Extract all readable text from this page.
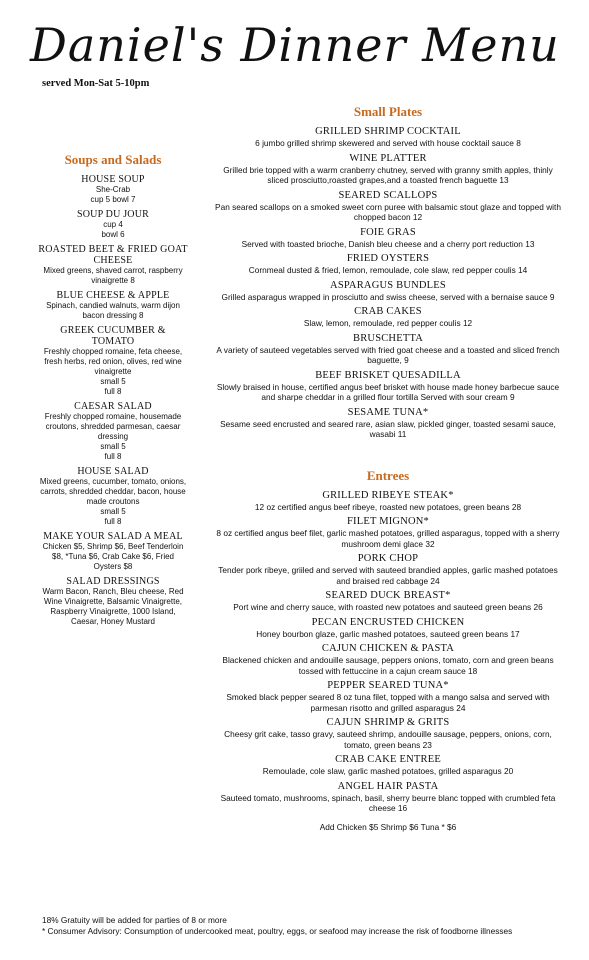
Daniel's Dinner Menu
served Mon-Sat 5-10pm
Soups and Salads
HOUSE SOUP
She-Crab
cup 5 bowl 7
SOUP DU JOUR
cup 4
bowl 6
ROASTED BEET & FRIED GOAT CHEESE
Mixed greens, shaved carrot, raspberry vinaigrette 8
BLUE CHEESE & APPLE
Spinach, candied walnuts, warm dijon bacon dressing 8
GREEK CUCUMBER & TOMATO
Freshly chopped romaine, feta cheese, fresh herbs, red onion, olives, red wine vinaigrette
small 5
full 8
CAESAR SALAD
Freshly chopped romaine, housemade croutons, shredded parmesan, caesar dressing
small 5
full 8
HOUSE SALAD
Mixed greens, cucumber, tomato, onions, carrots, shredded cheddar, bacon, house made croutons
small 5
full 8
MAKE YOUR SALAD A MEAL
Chicken $5, Shrimp $6, Beef Tenderloin $8, *Tuna $6, Crab Cake $6, Fried Oysters $8
SALAD DRESSINGS
Warm Bacon, Ranch, Bleu cheese, Red Wine Vinaigrette, Balsamic Vinaigrette, Raspberry Vinaigrette, 1000 Island, Caesar, Honey Mustard
Small Plates
GRILLED SHRIMP COCKTAIL
6 jumbo grilled shrimp skewered and served with house cocktail sauce 8
WINE PLATTER
Grilled brie topped with a warm cranberry chutney, served with granny smith apples, thinly sliced prosciutto,roasted grapes,and a toasted french baguette 13
SEARED SCALLOPS
Pan seared scallops on a smoked sweet corn puree with balsamic stout glaze and topped with chopped bacon 12
FOIE GRAS
Served with toasted brioche, Danish bleu cheese and a cherry port reduction 13
FRIED OYSTERS
Cornmeal dusted & fried, lemon, remoulade, cole slaw, red pepper coulis 14
ASPARAGUS BUNDLES
Grilled asparagus wrapped in prosciutto and swiss cheese, served with a bernaise sauce 9
CRAB CAKES
Slaw, lemon, remoulade, red pepper coulis 12
BRUSCHETTA
A variety of sauteed vegetables served with fried goat cheese and a toasted and sliced french baguette, 9
BEEF BRISKET QUESADILLA
Slowly braised in house, certified angus beef brisket with house made honey barbecue sauce and sharpe cheddar in a grilled flour tortilla Served with sour cream 9
SESAME TUNA*
Sesame seed encrusted and seared rare, asian slaw, pickled ginger, toasted sesami sauce, wasabi 11
Entrees
GRILLED RIBEYE STEAK*
12 oz certified angus beef ribeye, roasted new potatoes, green beans 28
FILET MIGNON*
8 oz certified angus beef filet, garlic mashed potatoes, grilled asparagus, topped with a sherry mushroom demi glace 32
PORK CHOP
Tender pork ribeye, griiled and served with sauteed brandied apples, garlic mashed potatoes and braised red cabbage 24
SEARED DUCK BREAST*
Port wine and cherry sauce, with roasted new potatoes and sauteed green beans 26
PECAN ENCRUSTED CHICKEN
Honey bourbon glaze, garlic mashed potatoes, sauteed green beans 17
CAJUN CHICKEN & PASTA
Blackened chicken and andouille sausage, peppers onions, tomato, corn and green beans tossed with fettuccine in a cajun cream sauce 18
PEPPER SEARED TUNA*
Smoked black pepper seared 8 oz tuna filet, topped with a mango salsa and served with parmesan risotto and grilled asparagus 24
CAJUN SHRIMP & GRITS
Cheesy grit cake, tasso gravy, sauteed shrimp, andouille sausage, peppers, onions, corn, tomato, green beans 23
CRAB CAKE ENTREE
Remoulade, cole slaw, garlic mashed potatoes, grilled asparagus 20
ANGEL HAIR PASTA
Sauteed tomato, mushrooms, spinach, basil, sherry beurre blanc topped with crumbled feta cheese 16
Add Chicken $5 Shrimp $6 Tuna * $6
18% Gratuity will be added for parties of 8 or more
* Consumer Advisory: Consumption of undercooked meat, poultry, eggs, or seafood may increase the risk of foodborne illnesses
